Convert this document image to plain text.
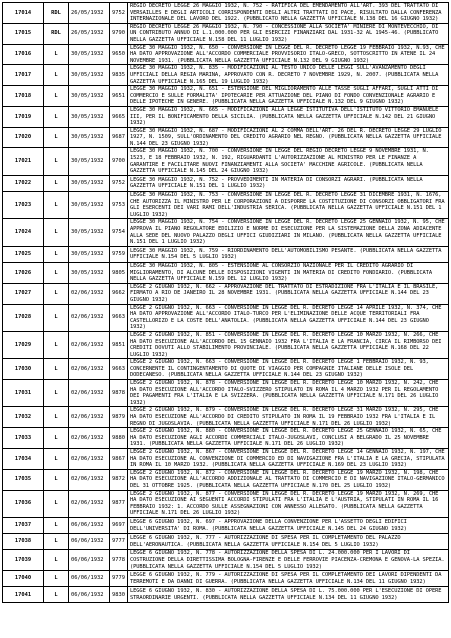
17014	RDL	26/05/1932	9752	REGIO DECRETO LEGGE 26 MAGGIO 1932, N. 752 - RATIFICA DEL EMENDAMENTO ALL'ART. 393 DEL TRATTATO DI VERSAILLES E DEGLI ARTICOLI CORRISPONDENTI DEGLI ALTRI TRATTATI DI PACE, RISULTATO DALLA CONFERENZA INTERNAZIONALE DEL LAVORO DEL 1922. (PUBBLICATO NELLA GAZZETTA UFFICIALE N.138 DEL 16 GIUGNO 1932)
17015	RDL	26/05/1932	9790	REGIO DECRETO LEGGE 26 MAGGIO 1932, N. 790 - CONCESSIONE ALLA SOCIETA' MINIERE DI MONTEVECCHIO, DI UN CONTRIBUTO ANNUO DI L.1.000.000 PER GLI ESERCIZI FINANZIARI DAL 1931-32 AL 1945-46. (PUBBLICATO NELLA GAZZETTA UFFICIALE N.158 DEL 11 LUGLIO 1932)
17016	L	30/05/1932	9650	LEGGE 30 MAGGIO 1932, N. 650 - CONVERSIONE IN LEGGE DEL R. DECRETO LEGGE 19 FEBBRAIO 1932, N.93, CHE HA DATO APPROVAZIONE ALL'ACCORDO COMMERCIALE PROVVISORIO ITALO-GRECO, SOTTOSCRITTO IN ATENE IL 24 NOVEMBRE 1931. (PUBBLICATA NELLA GAZZETTA UFFICIALE N.132 DEL 9 GIUGNO 1932)
17017	L	30/05/1932	9835	LEGGE 30 MAGGIO 1932, N. 835 - MODIFICAZIONI AL TESTO UNICO DELLE LEGGI SULL'AVANZAMENTO DEGLI UFFICIALI DELLA REGIA MARINA, APPROVATO CON R. DECRETO 7 NOVEMBRE 1929, N. 2007. (PUBBLICATA NELLA GAZZETTA UFFICIALE N.165 DEL 19 LUGLIO 1932)
17018	L	30/05/1932	9651	LEGGE 30 MAGGIO 1932, N. 651 - ESTENSIONE DEL MIGLIORAMENTO ALLE TASSE SUGLI AFFARI, SUGLI ATTI DI COMMERCIO E SULLE FORMALITA' IPOTECARIE PER ATTUAZIONE DEL PIANO DI FONDO CONVENZIONALE AGRARIO E DELLE IPOTECHE IN GENERE. (PUBBLICATA NELLA GAZZETTA UFFICIALE N.132 DEL 9 GIUGNO 1932)
17019	L	30/05/1932	9665	LEGGE 30 MAGGIO 1932, N. 665 - MODIFICAZIONI ALLA LEGGE ISTITUTIVA DELL'ISTITUTO VITTORIO EMANUELE III, PER IL BONIFICAMENTO DELLA SICILIA. (PUBBLICATA NELLA GAZZETTA UFFICIALE N.142 DEL 21 GIUGNO 1932)
17020	L	30/05/1932	9687	LEGGE 30 MAGGIO 1932, N. 687 - MODIFICAZIONI AL 2 COMMA DELL'ART. 26 DEL R. DECRETO LEGGE 29 LUGLIO 1927, N. 1509, SULL'ORDINAMENTO DEL CREDITO AGRARIO NEL REGNO. (PUBBLICATA NELLA GAZZETTA UFFICIALE N.144 DEL 23 GIUGNO 1932)
17021	L	30/05/1932	9700	LEGGE 30 MAGGIO 1932, N. 700 - CONVERSIONE IN LEGGE DEL REGIO DECRETO LEGGE 9 NOVEMBRE 1931, N. 1523, E 18 FEBBRAIO 1932, N. 192, RIGUARDANTI L'AUTORIZZAZIONE AL MINISTRO PER LE FINANZE A GARANTIRE E FACILITARE NUOVI FINANZIAMENTI ALLA SOCIETA' MACCHINE AGRICOLE. (PUBBLICATA NELLA GAZZETTA UFFICIALE N.145 DEL 24 GIUGNO 1932)
17022	L	30/05/1932	9752	LEGGE 30 MAGGIO 1932, N. 752 - PROVVEDIMENTI IN MATERIA DI CONSORZI AGRARI. (PUBBLICATA NELLA GAZZETTA UFFICIALE N.151 DEL 1 LUGLIO 1932)
17023	L	30/05/1932	9753	LEGGE 30 MAGGIO 1932, N. 753 - CONVERSIONE IN LEGGE DEL R. DECRETO LEGGE 31 DICEMBRE 1931, N. 1676, CHE AUTORIZZA IL MINISTRO PER LE CORPORAZIONI A DISPORRE LA COSTITUZIONE DI CONSORZI OBBLIGATORI FRA GLI ESERCENTI DEI VARI RAMI DELL'INDUSTRIA SERICA. (PUBBLICATA NELLA GAZZETTA UFFICIALE N.151 DEL 1 LUGLIO 1932)
17024	L	30/05/1932	9754	LEGGE 30 MAGGIO 1932, N. 754 - CONVERSIONE IN LEGGE DEL R. DECRETO LEGGE 25 GENNAIO 1932, N. 95, CHE APPROVA IL PIANO REGOLATORE EDILIZIO E NORME DI ESECUZIONE PER LA SISTEMAZIONE DELLA ZONA ADIACENTE ALLA SEDE DEL NUOVO PALAZZO DEGLI UFFICI GIUDIZIARI IN MILANO. (PUBBLICATA NELLA GAZZETTA UFFICIALE N.151 DEL 1 LUGLIO 1932)
17025	L	30/05/1932	9759	LEGGE 30 MAGGIO 1932, N. 759 - RIORDINAMENTO DELL'AUTOMOBILISMO PESANTE. (PUBBLICATA NELLA GAZZETTA UFFICIALE N.154 DEL 5 LUGLIO 1932)
17026	L	30/05/1932	9805	LEGGE 30 MAGGIO 1932, N. 805 - ESTENSIONE AL CONSORZIO NAZIONALE PER IL CREDITO AGRARIO DI MIGLIORAMENTO, DI ALCUNE DELLE DISPOSIZIONI VIGENTI IN MATERIA DI CREDITO FONDIARIO. (PUBBLICATA NELLA GAZZETTA UFFICIALE N.159 DEL 12 LUGLIO 1932)
17027	L	02/06/1932	9662	LEGGE 2 GIUGNO 1932, N. 662 - APPROVAZIONE DEL TRATTATO DI ESTRADIZIONE FRA L'ITALIA E IL BRASILE, FIRMATO A RIO DE JANEIRO IL 28 NOVEMBRE 1931. (PUBBLICATA NELLA GAZZETTA UFFICIALE N.144 DEL 23 GIUGNO 1932)
17028	L	02/06/1932	9663	LEGGE 2 GIUGNO 1932, N. 663 - CONVERSIONE IN LEGGE DEL R. DECRETO LEGGE 14 APRILE 1932, N. 374, CHE HA DATO APPROVAZIONE ALL'ACCORDO ITALO-TURCO PER L'ELIMINAZIONE DELLE ACQUE TERRITORIALI FRA CASTELLORIZO E LA COSTE DELL'ANATOLIA. (PUBBLICATA NELLA GAZZETTA UFFICIALE N.144 DEL 23 GIUGNO 1932)
17029	L	02/06/1932	9851	LEGGE 2 GIUGNO 1932, N. 851 - CONVERSIONE IN LEGGE DEL R. DECRETO LEGGE 10 MARZO 1932, N. 266, CHE HA DATO ESECUZIONE ALL'ACCORDO DEL 15 GENNAIO 1932 FRA L'ITALIA E LA FRANCIA, CIRCA IL RIMBORSO DEI CREDITI DOVUTI ALLO STABILIMENTO PROVINCIALE. (PUBBLICATA NELLA GAZZETTA UFFICIALE N.168 DEL 22 LUGLIO 1932)
17030	L	02/06/1932	9663	LEGGE 2 GIUGNO 1932, N. 663 - CONVERSIONE IN LEGGE DEL R. DECRETO LEGGE 1 FEBBRAIO 1932, N. 93, CONCERNENTE IL CONTINGENTAMENTO DI QUOTE DI VIAGGIO PER COMPAGNIE ITALIANE DELLE ISOLE DEL DODECANESO. (PUBBLICATA NELLA GAZZETTA UFFICIALE N.144 DEL 23 GIUGNO 1932)
17031	L	02/06/1932	9878	LEGGE 2 GIUGNO 1932, N. 878 - CONVERSIONE IN LEGGE DEL R. DECRETO LEGGE 10 MARZO 1932, N. 242, CHE HA DATO ESECUZIONE ALL'ACCORDO ITALO-SVIZZERO STIPULATO IN ROMA IL 4 MARZO 1932 PER IL REGOLAMENTO DEI PAGAMENTI FRA L'ITALIA E LA SVIZZERA. (PUBBLICATA NELLA GAZZETTA UFFICIALE N.171 DEL 26 LUGLIO 1932)
17032	L	02/06/1932	9879	LEGGE 2 GIUGNO 1932, N. 879 - CONVERSIONE IN LEGGE DEL R. DECRETO LEGGE 31 MARZO 1932, N. 295, CHE HA DATO ESECUZIONE ALL'ACCORDO DI CREDITO STIPULATO IN ROMA IL 19 FEBBRAIO 1932 FRA L'ITALIA E IL REGNO DI JUGOSLAVIA. (PUBBLICATA NELLA GAZZETTA UFFICIALE N.171 DEL 26 LUGLIO 1932)
17033	L	02/06/1932	9880	LEGGE 2 GIUGNO 1932, N. 880 - CONVERSIONE IN LEGGE DEL R. DECRETO LEGGE 25 GENNAIO 1932, N. 65, CHE HA DATO ESECUZIONE AGLI ACCORDI COMMERCIALI ITALO-JUGOSLAVI, CONCLUSI A BELGRADO IL 25 NOVEMBRE 1931. (PUBBLICATA NELLA GAZZETTA UFFICIALE N.171 DEL 26 LUGLIO 1932)
17034	L	02/06/1932	9867	LEGGE 2 GIUGNO 1932, N. 867 - CONVERSIONE IN LEGGE DEL R. DECRETO LEGGE 14 GENNAIO 1932, N. 197, CHE HA DATO ESECUZIONE AL CONVENZIONE DI COMMERCIO ED DI NAVIGAZIONE FRA L'ITALIA E LA GRECIA, STIPULATA IN ROMA IL 10 MARZO 1932. (PUBBLICATA NELLA GAZZETTA UFFICIALE N.169 DEL 23 LUGLIO 1932)
17035	L	02/06/1932	9872	LEGGE 2 GIUGNO 1932, N. 872 - CONVERSIONE IN LEGGE DEL R. DECRETO LEGGE 19 MARZO 1932, N. 198, CHE HA DATO ESECUZIONE ALL'ACCORDO ADDIZIONALE AL TRATTATO DI COMMERCIO E DI NAVIGAZIONE ITALO-GERMANICO DEL 31 OTTOBRE 1925. (PUBBLICATA NELLA GAZZETTA UFFICIALE N.170 DEL 25 LUGLIO 1932)
17036	L	02/06/1932	9877	LEGGE 2 GIUGNO 1932, N. 877 - CONVERSIONE IN LEGGE DEL R. DECRETO LEGGE 19 MARZO 1932, N. 269, CHE HA DATO ESECUZIONE AI SEGUENTI ACCORDI STIPULATI FRA L'ITALIA E L'AUSTRIA, STIPULATI IN ROMA IL 16 FEBBRAIO 1932: 1. ACCORDO SULLE ASSEGNAZIONI CON ANNESSO ALLEGATO. (PUBBLICATA NELLA GAZZETTA UFFICIALE N.171 DEL 26 LUGLIO 1932)
17037	L	06/06/1932	9697	LEGGE 6 GIUGNO 1932, N. 697 - APPROVAZIONE DELLA CONVENZIONE PER L'ASSETTO DEGLI EDIFICI DELL'UNIVERSITA' DI ROMA. (PUBBLICATA NELLA GAZZETTA UFFICIALE N.145 DEL 24 GIUGNO 1932)
17038	L	06/06/1932	9777	LEGGE 6 GIUGNO 1932, N. 777 - AUTORIZZAZIONE DI SPESA PER IL COMPLETAMENTO DEL PALAZZO DELL'AERONAUTICA. (PUBBLICATA NELLA GAZZETTA UFFICIALE N.154 DEL 5 LUGLIO 1932)
17039	L	06/06/1932	9778	LEGGE 6 GIUGNO 1932, N. 778 - AUTORIZZAZIONE DELLA SPESA DI L. 24.000.000 PER I LAVORI DI COSTRUZIONE DELLA DIRETTISSIMA BOLOGNA-FIRENZE E DELLE FERROVIE PIACENZA-CREMONA E GENOVA-LA SPEZIA. (PUBBLICATA NELLA GAZZETTA UFFICIALE N.154 DEL 5 LUGLIO 1932)
17040	L	06/06/1932	9779	LEGGE 6 GIUGNO 1932, N. 779 - AUTORIZZAZIONE DI SPESA PER IL COMPLETAMENTO DEI LAVORI DIPENDENTI DA TERREMOTI E DA DANNI DI GUERRA. (PUBBLICATA NELLA GAZZETTA UFFICIALE N.134 DEL 11 GIUGNO 1932)
17041	L	06/06/1932	9830	LEGGE 6 GIUGNO 1932, N. 830 - AUTORIZZAZIONE DELLA SPESA DI L. 75.000.000 PER L'ESECUZIONE DI OPERE STRAORDINARIE URGENTI. (PUBBLICATA NELLA GAZZETTA UFFICIALE N.134 DEL 11 GIUGNO 1932)
